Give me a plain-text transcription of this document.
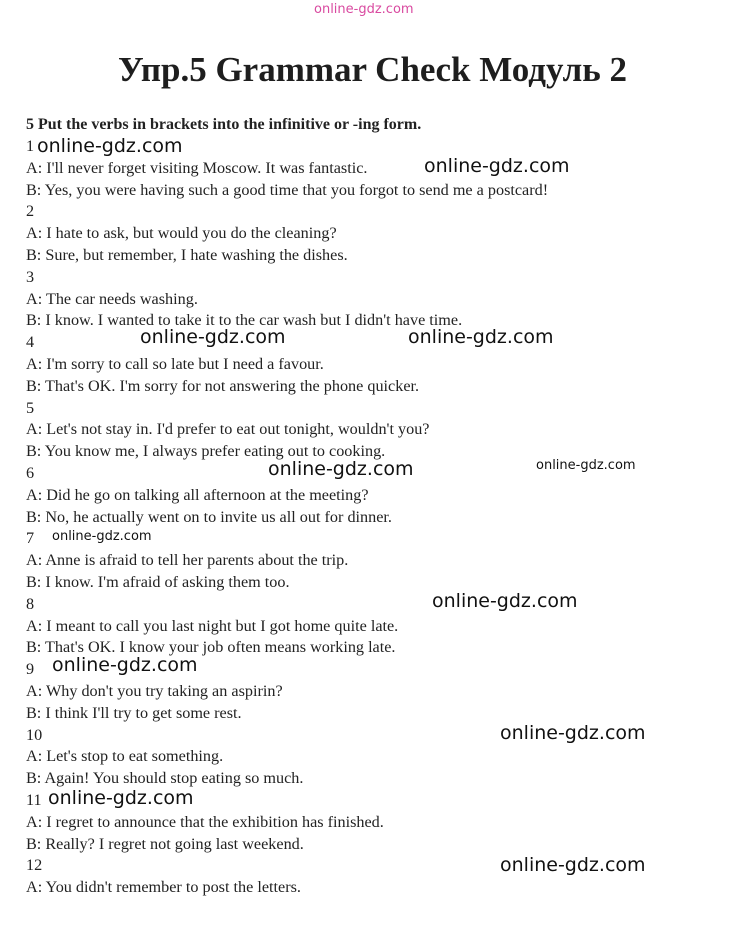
online-gdz.com
Упр.5 Grammar Check Модуль 2
5 Put the verbs in brackets into the infinitive or -ing form.
1
A: I'll never forget visiting Moscow. It was fantastic.
B: Yes, you were having such a good time that you forgot to send me a postcard!
2
A: I hate to ask, but would you do the cleaning?
B: Sure, but remember, I hate washing the dishes.
3
A: The car needs washing.
B: I know. I wanted to take it to the car wash but I didn't have time.
4
A: I'm sorry to call so late but I need a favour.
B: That's OK. I'm sorry for not answering the phone quicker.
5
A: Let's not stay in. I'd prefer to eat out tonight, wouldn't you?
B: You know me, I always prefer eating out to cooking.
6
A: Did he go on talking all afternoon at the meeting?
B: No, he actually went on to invite us all out for dinner.
7
A: Anne is afraid to tell her parents about the trip.
B: I know. I'm afraid of asking them too.
8
A: I meant to call you last night but I got home quite late.
B: That's OK. I know your job often means working late.
9
A: Why don't you try taking an aspirin?
B: I think I'll try to get some rest.
10
A: Let's stop to eat something.
B: Again! You should stop eating so much.
11
A: I regret to announce that the exhibition has finished.
B: Really? I regret not going last weekend.
12
A: You didn't remember to post the letters.
online-gdz.com
online-gdz.com
online-gdz.com	online-gdz.com
online-gdz.com	online-gdz.com
online-gdz.com
online-gdz.com
online-gdz.com
online-gdz.com
online-gdz.com
online-gdz.com
